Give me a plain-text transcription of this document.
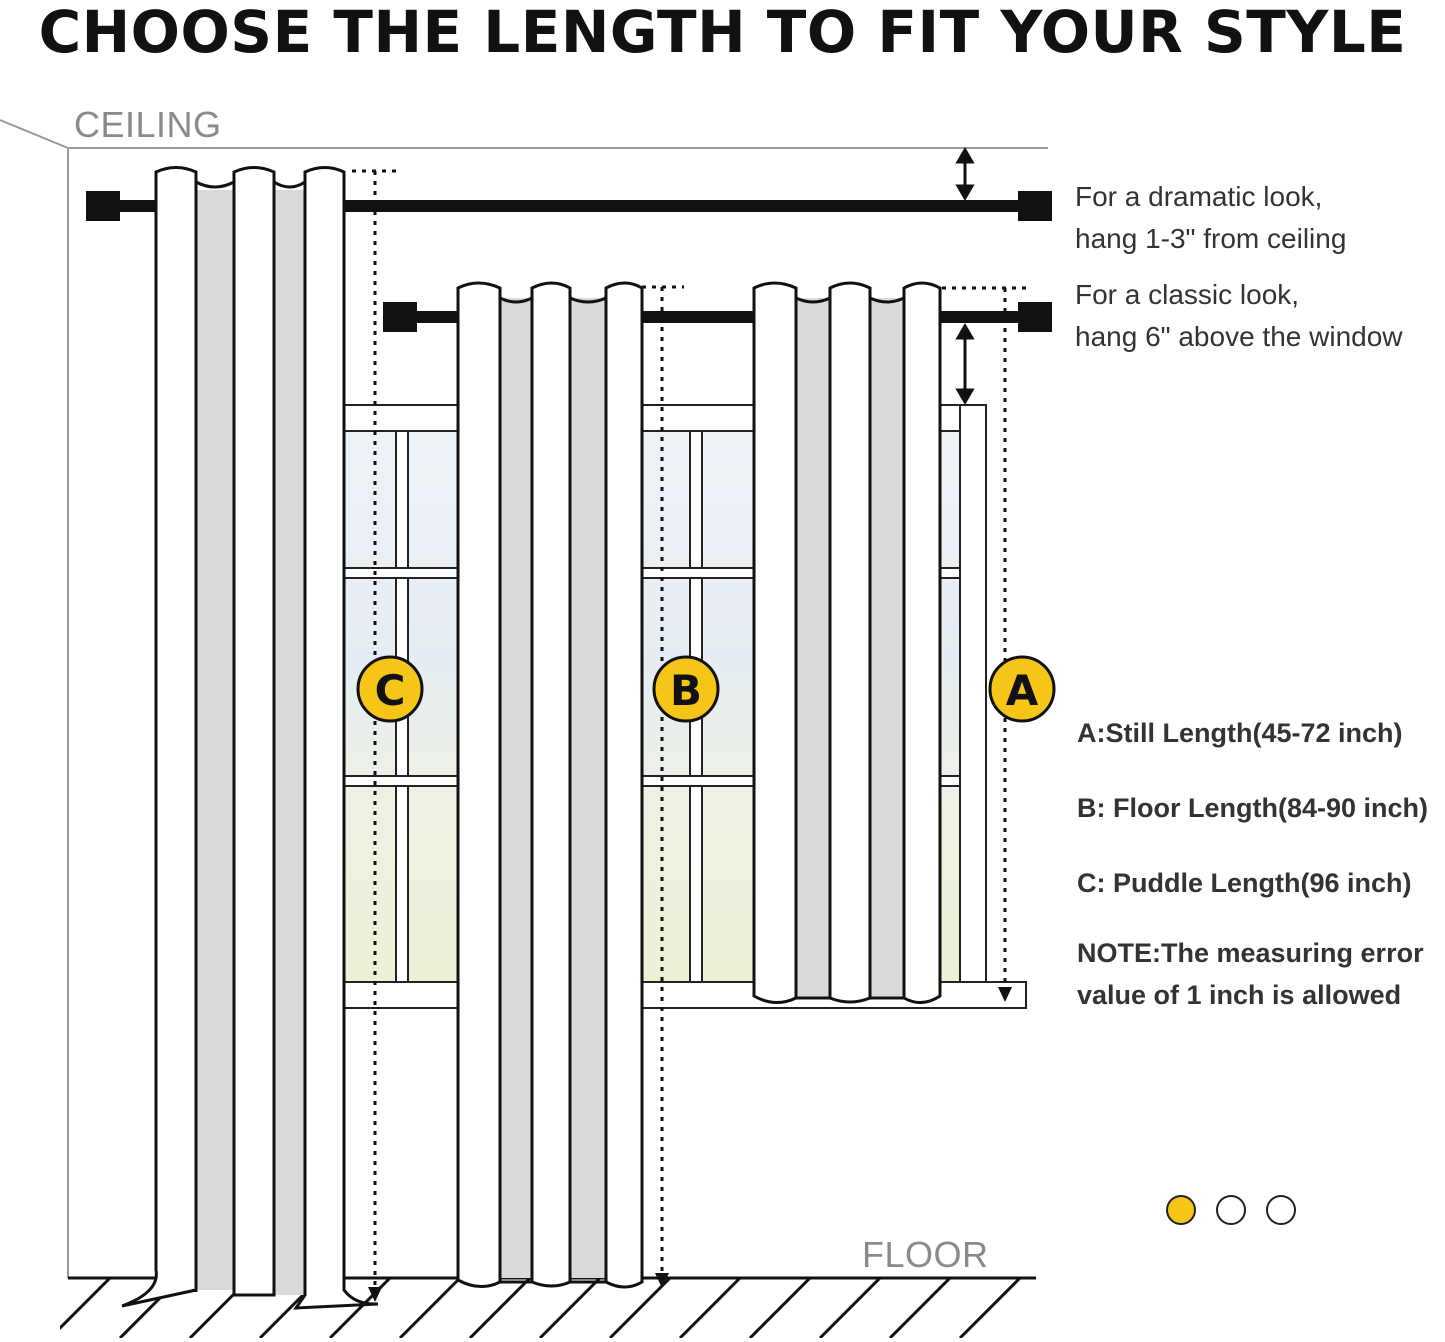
C	B	A
CHOOSE THE LENGTH TO FIT YOUR STYLE
CEILING
FLOOR
For a dramatic look,
hang 1-3" from ceiling
For a classic look,
hang 6" above the window
A:Still Length(45-72 inch)
B: Floor Length(84-90 inch)
C: Puddle Length(96 inch)
NOTE:The measuring error
value of 1 inch is allowed
